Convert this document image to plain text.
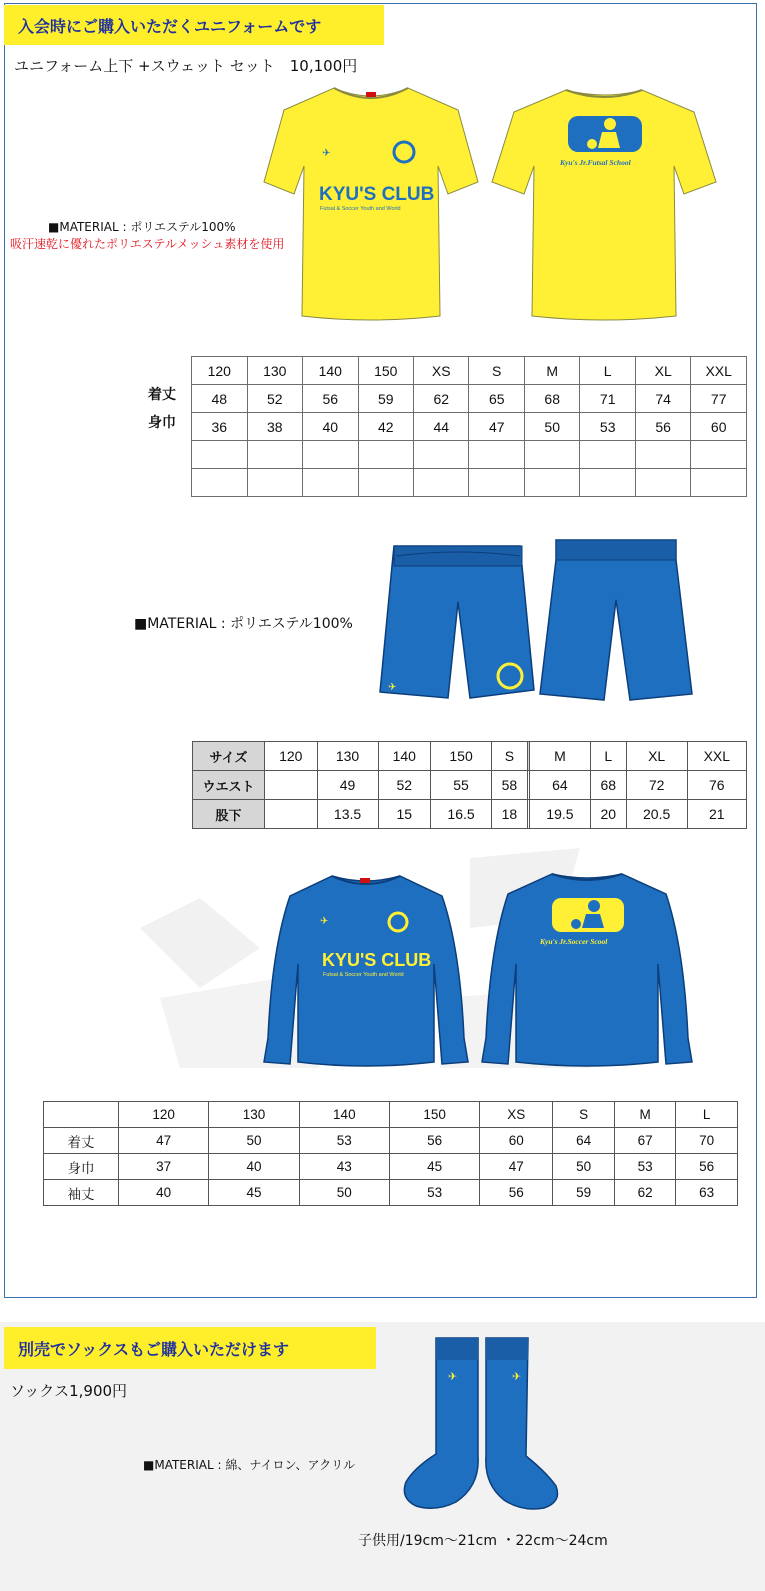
入会時にご購入いただくユニフォームです
ユニフォーム上下 +スウェット セット　10,100円
✈
KYU'S CLUB
Futsal & Soccer Youth and World
Kyu's Jr.Futsal School
■MATERIAL : ポリエステル100%
吸汗速乾に優れたポリエステルメッシュ素材を使用
着丈
身巾
120	130	140	150	XS	S	M	L	XL	XXL
48	52	56	59	62	65	68	71	74	77
36	38	40	42	44	47	50	53	56	60

✈
■MATERIAL : ポリエステル100%
サイズ	120	130	140	150	S		M	L	XL	XXL
ウエスト		49	52	55	58		64	68	72	76
股下		13.5	15	16.5	18		19.5	20	20.5	21
✈
KYU'S CLUB
Futsal & Soccer Youth and World
Kyu's Jr.Soccer Scool
	120	130	140	150	XS	S	M	L
着丈	47	50	53	56	60	64	67	70
身巾	37	40	43	45	47	50	53	56
袖丈	40	45	50	53	56	59	62	63
別売でソックスもご購入いただけます
ソックス1,900円
■MATERIAL : 綿、ナイロン、アクリル
✈	✈
子供用/19cm～21cm ・22cm～24cm
